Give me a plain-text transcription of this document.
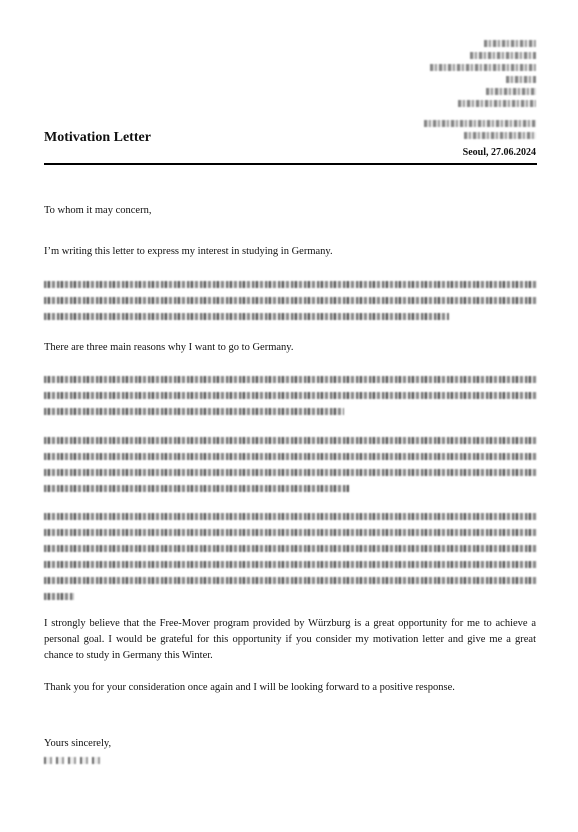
Motivation Letter
Seoul, 27.06.2024
To whom it may concern,
I’m writing this letter to express my interest in studying in Germany.
There are three main reasons why I want to go to Germany.
I strongly believe that the Free-Mover program provided by Würzburg is a great opportunity for me to achieve a personal goal. I would be grateful for this opportunity if you consider my motivation letter and give me a great chance to study in Germany this Winter.
Thank you for your consideration once again and I will be looking forward to a positive response.
Yours sincerely,
